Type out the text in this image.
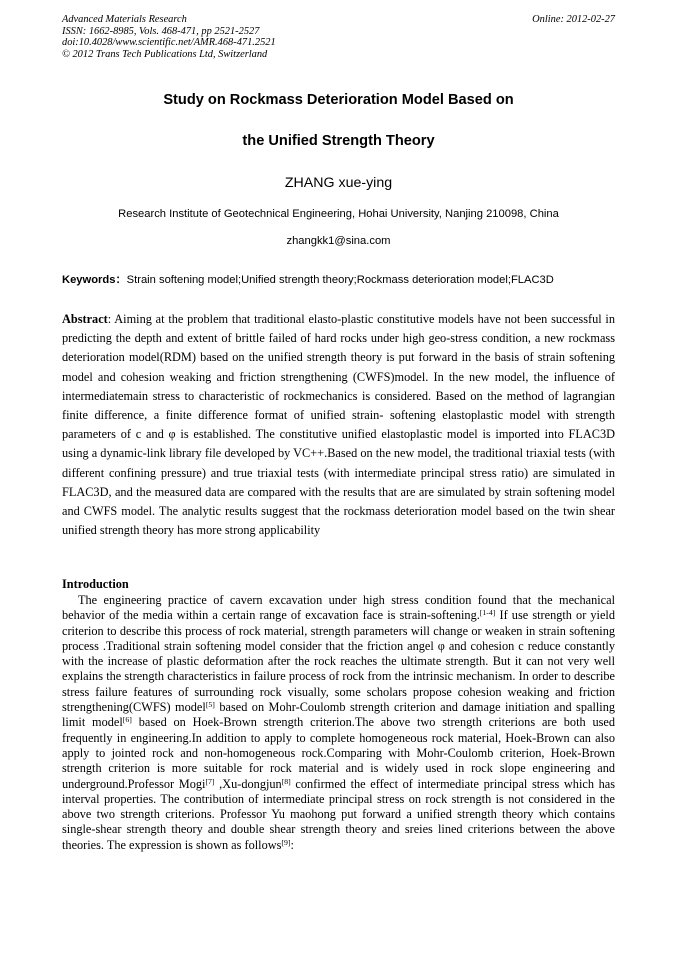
Advanced Materials Research
ISSN: 1662-8985, Vols. 468-471, pp 2521-2527
doi:10.4028/www.scientific.net/AMR.468-471.2521
© 2012 Trans Tech Publications Ltd, Switzerland
Online: 2012-02-27
Study on Rockmass Deterioration Model Based on
the Unified Strength Theory
ZHANG xue-ying
Research Institute of Geotechnical Engineering, Hohai University, Nanjing 210098, China
zhangkk1@sina.com
Keywords：Strain softening model;Unified strength theory;Rockmass deterioration model;FLAC3D
Abstract: Aiming at the problem that traditional elasto-plastic constitutive models have not been successful in predicting the depth and extent of brittle failed of hard rocks under high geo-stress condition, a new rockmass deterioration model(RDM) based on the unified strength theory is put forward in the basis of strain softening model and cohesion weaking and friction strengthening (CWFS)model. In the new model, the influence of intermediatemain stress to characteristic of rockmechanics is considered. Based on the method of lagrangian finite difference, a finite difference format of unified strain- softening elastoplastic model with strength parameters of c and φ is established. The constitutive unified elastoplastic model is imported into FLAC3D using a dynamic-link library file developed by VC++.Based on the new model, the traditional triaxial tests (with different confining pressure) and true triaxial tests (with intermediate principal stress ratio) are simulated in FLAC3D, and the measured data are compared with the results that are are simulated by strain softening model and CWFS model. The analytic results suggest that the rockmass deterioration model based on the twin shear unified strength theory has more strong applicability
Introduction
The engineering practice of cavern excavation under high stress condition found that the mechanical behavior of the media within a certain range of excavation face is strain-softening.[1-4] If use strength or yield criterion to describe this process of rock material, strength parameters will change or weaken in strain softening process .Traditional strain softening model consider that the friction angel φ and cohesion c reduce constantly with the increase of plastic deformation after the rock reaches the ultimate strength. But it can not very well explains the strength characteristics in failure process of rock from the intrinsic mechanism. In order to describe stress failure features of surrounding rock visually, some scholars propose cohesion weaking and friction strengthening(CWFS) model[5] based on Mohr-Coulomb strength criterion and damage initiation and spalling limit model[6] based on Hoek-Brown strength criterion.The above two strength criterions are both used frequently in engineering.In addition to apply to complete homogeneous rock material, Hoek-Brown can also apply to jointed rock and non-homogeneous rock.Comparing with Mohr-Coulomb criterion, Hoek-Brown strength criterion is more suitable for rock material and is widely used in rock slope engineering and underground.Professor Mogi[7] ,Xu-dongjun[8] confirmed the effect of intermediate principal stress which has interval properties. The contribution of intermediate principal stress on rock strength is not considered in the above two strength criterions. Professor Yu maohong put forward a unified strength theory which contains single-shear strength theory and double shear strength theory and sreies lined criterions between the above theories. The expression is shown as follows[9]:
